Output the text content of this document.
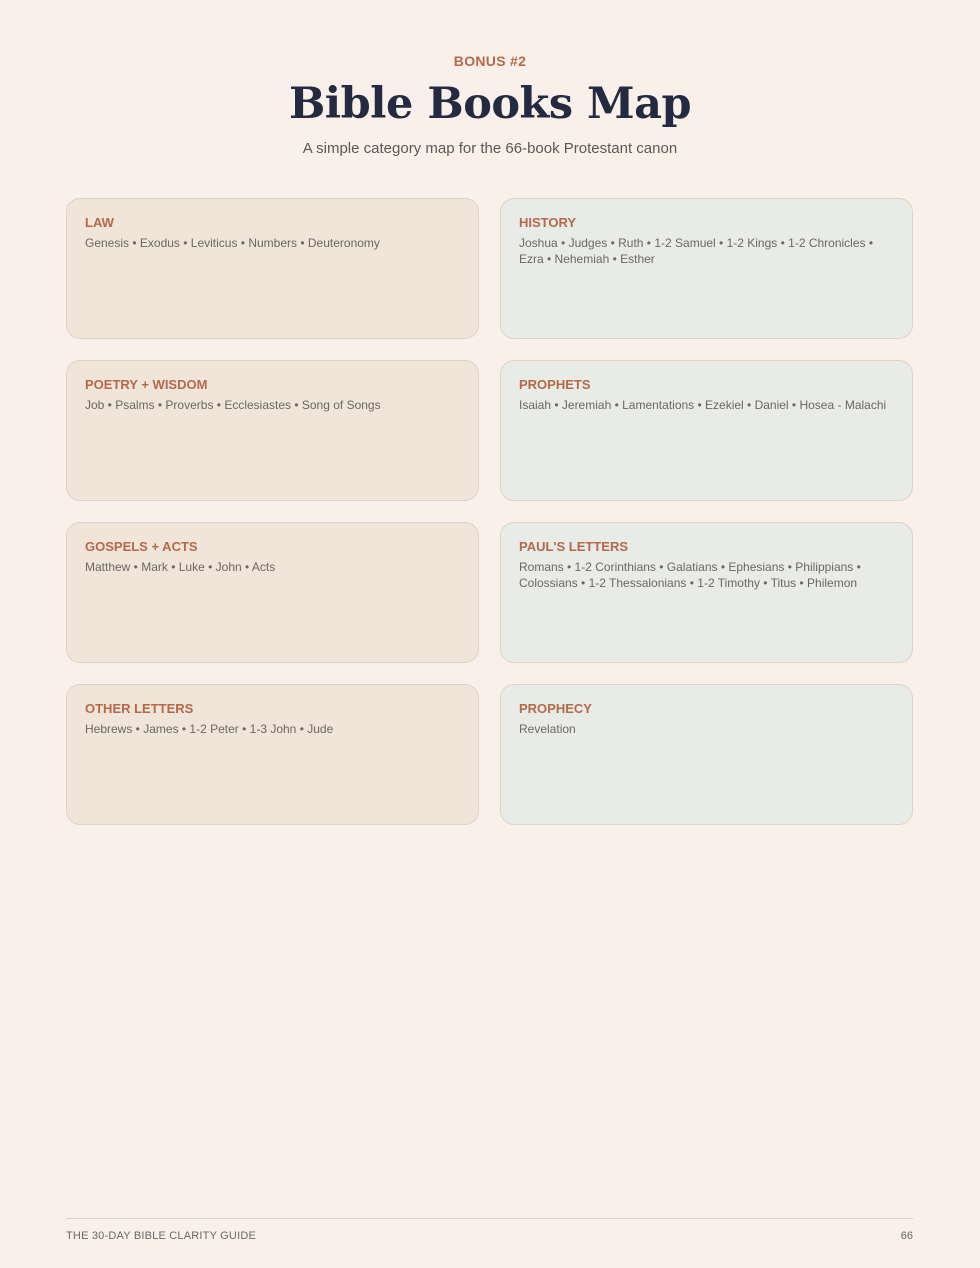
BONUS #2
Bible Books Map
A simple category map for the 66-book Protestant canon
LAW
Genesis • Exodus • Leviticus • Numbers • Deuteronomy
HISTORY
Joshua • Judges • Ruth • 1-2 Samuel • 1-2 Kings • 1-2 Chronicles • Ezra • Nehemiah • Esther
POETRY + WISDOM
Job • Psalms • Proverbs • Ecclesiastes • Song of Songs
PROPHETS
Isaiah • Jeremiah • Lamentations • Ezekiel • Daniel • Hosea - Malachi
GOSPELS + ACTS
Matthew • Mark • Luke • John • Acts
PAUL'S LETTERS
Romans • 1-2 Corinthians • Galatians • Ephesians • Philippians • Colossians • 1-2 Thessalonians • 1-2 Timothy • Titus • Philemon
OTHER LETTERS
Hebrews • James • 1-2 Peter • 1-3 John • Jude
PROPHECY
Revelation
THE 30-DAY BIBLE CLARITY GUIDE	66
